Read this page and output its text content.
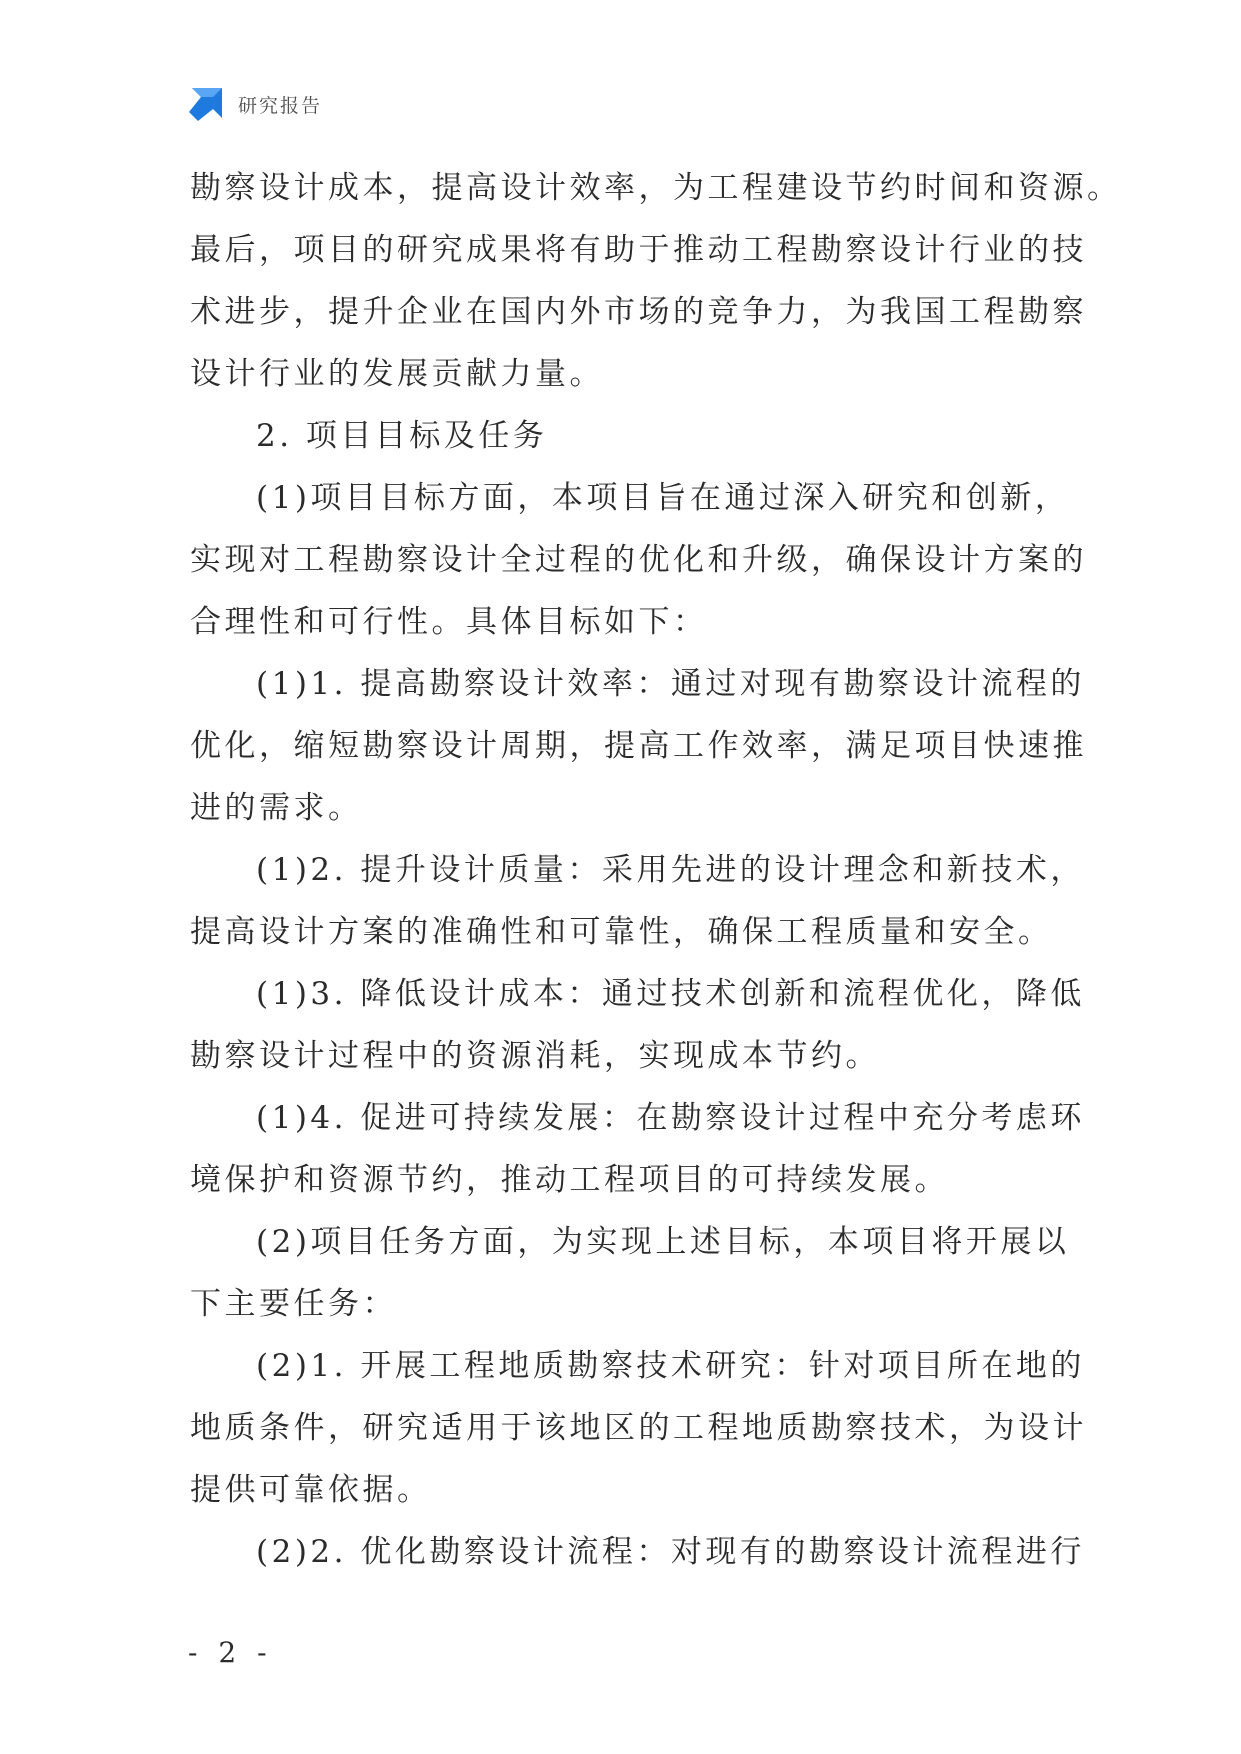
研究报告
勘察设计成本，提高设计效率，为工程建设节约时间和资源。
最后，项目的研究成果将有助于推动工程勘察设计行业的技
术进步，提升企业在国内外市场的竞争力，为我国工程勘察
设计行业的发展贡献力量。
2. 项目目标及任务
(1)项目目标方面，本项目旨在通过深入研究和创新，
实现对工程勘察设计全过程的优化和升级，确保设计方案的
合理性和可行性。具体目标如下：
(1)1. 提高勘察设计效率：通过对现有勘察设计流程的
优化，缩短勘察设计周期，提高工作效率，满足项目快速推
进的需求。
(1)2. 提升设计质量：采用先进的设计理念和新技术，
提高设计方案的准确性和可靠性，确保工程质量和安全。
(1)3. 降低设计成本：通过技术创新和流程优化，降低
勘察设计过程中的资源消耗，实现成本节约。
(1)4. 促进可持续发展：在勘察设计过程中充分考虑环
境保护和资源节约，推动工程项目的可持续发展。
(2)项目任务方面，为实现上述目标，本项目将开展以
下主要任务：
(2)1. 开展工程地质勘察技术研究：针对项目所在地的
地质条件，研究适用于该地区的工程地质勘察技术，为设计
提供可靠依据。
(2)2. 优化勘察设计流程：对现有的勘察设计流程进行
- 2 -
